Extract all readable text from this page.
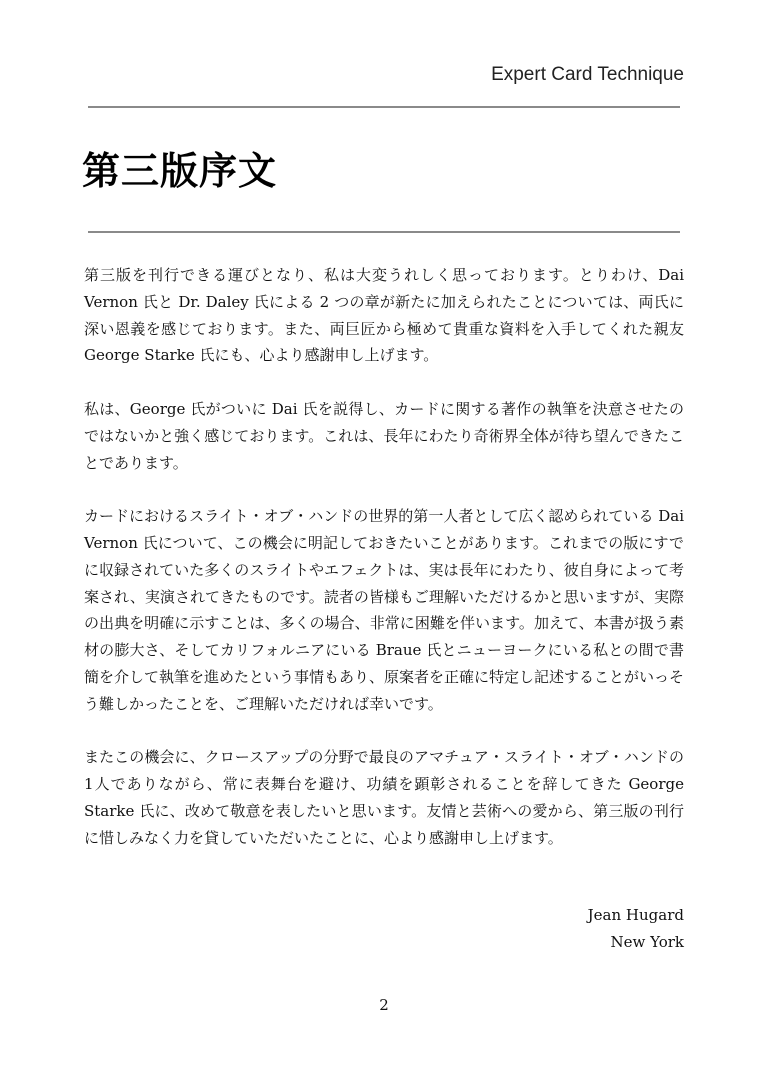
Expert Card Technique
第三版序文

第三版を刊行できる運びとなり、私は大変うれしく思っております。とりわけ、Dai Vernon 氏と Dr. Daley 氏による 2 つの章が新たに加えられたことについては、両氏に深い恩義を感じております。また、両巨匠から極めて貴重な資料を入手してくれた親友 George Starke 氏にも、心より感謝申し上げます。

私は、George 氏がついに Dai 氏を説得し、カードに関する著作の執筆を決意させたのではないかと強く感じております。これは、長年にわたり奇術界全体が待ち望んできたことであります。

カードにおけるスライト・オブ・ハンドの世界的第一人者として広く認められている Dai Vernon 氏について、この機会に明記しておきたいことがあります。これまでの版にすでに収録されていた多くのスライトやエフェクトは、実は長年にわたり、彼自身によって考案され、実演されてきたものです。読者の皆様もご理解いただけるかと思いますが、実際の出典を明確に示すことは、多くの場合、非常に困難を伴います。加えて、本書が扱う素材の膨大さ、そしてカリフォルニアにいる Braue 氏とニューヨークにいる私との間で書簡を介して執筆を進めたという事情もあり、原案者を正確に特定し記述することがいっそう難しかったことを、ご理解いただければ幸いです。

またこの機会に、クロースアップの分野で最良のアマチュア・スライト・オブ・ハンドの1人でありながら、常に表舞台を避け、功績を顕彰されることを辞してきた George Starke 氏に、改めて敬意を表したいと思います。友情と芸術への愛から、第三版の刊行に惜しみなく力を貸していただいたことに、心より感謝申し上げます。

Jean Hugard
New York
2
